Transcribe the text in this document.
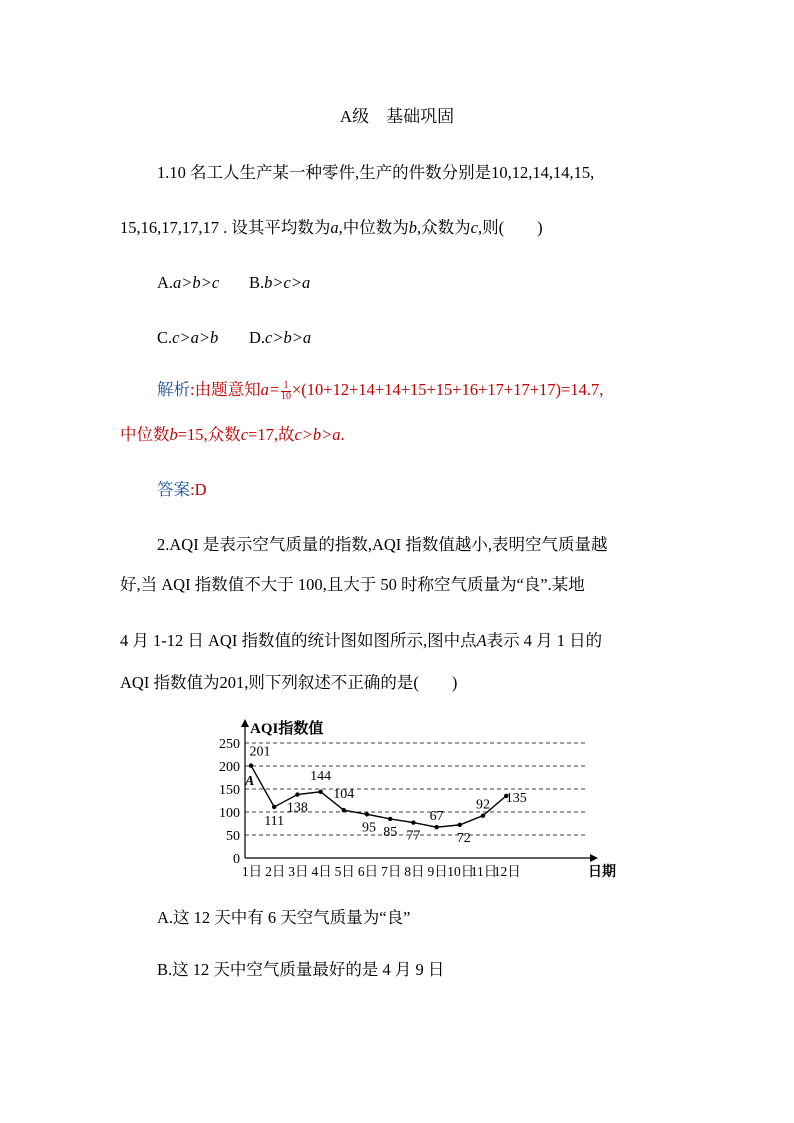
A级　基础巩固
1.10 名工人生产某一种零件,生产的件数分别是10,12,14,14,15,
15,16,17,17,17 . 设其平均数为a,中位数为b,众数为c,则(　　)
A.a>b>c B.b>c>a
C.c>a>b D.c>b>a
解析:由题意知$a= \frac{1}{10} \times(10+12+14+14+15+15+16+17+17+17)=14.7$,
中位数b=15,众数c=17,故c>b>a.
答案:D
2.AQI 是表示空气质量的指数,AQI 指数值越小,表明空气质量越
好,当 AQI 指数值不大于 100,且大于 50 时称空气质量为“良”.某地
4 月 1-12 日 AQI 指数值的统计图如图所示,图中点A表示 4 月 1 日的
AQI 指数值为201,则下列叙述不正确的是(　　)
0
50
100
150
200
250
1日 2日 3日 4日 5日 6日 7日 8日 9日 10日
11日
12日
201
111
138
144
104
95 85 77
67
72
92 135
AQI指数值
日期
A
A.这 12 天中有 6 天空气质量为“良”
B.这 12 天中空气质量最好的是 4 月 9 日
